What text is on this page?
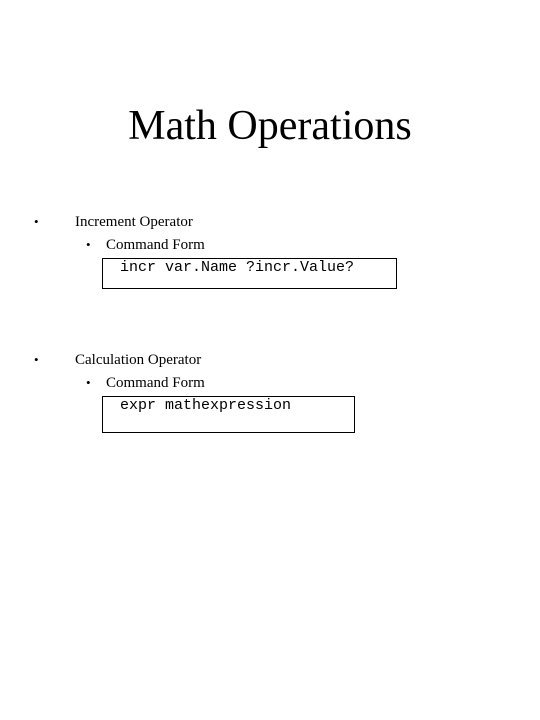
Math Operations
• Increment Operator
• Command Form
incr var.Name ?incr.Value?
• Calculation Operator
• Command Form
expr mathexpression
